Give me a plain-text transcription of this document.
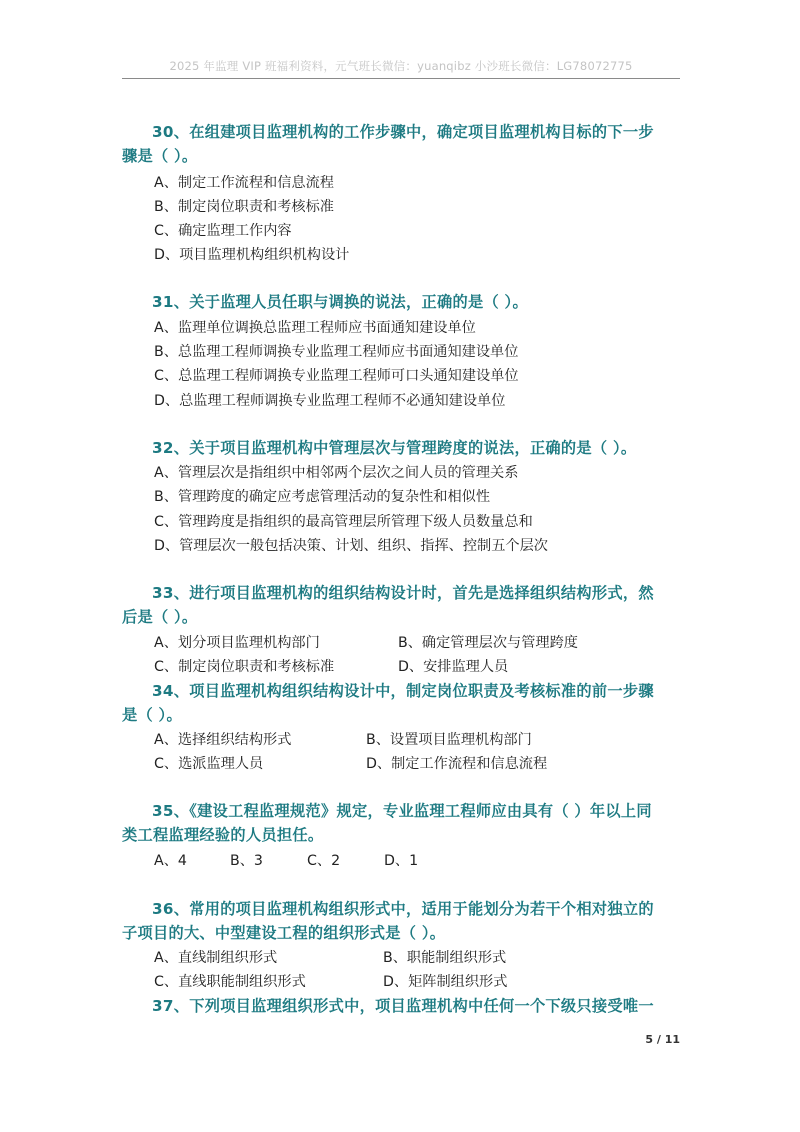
2025 年监理 VIP 班福利资料，元气班长微信：yuanqibz 小沙班长微信：LG78072775
30、在组建项目监理机构的工作步骤中，确定项目监理机构目标的下一步
骤是（ ）。
A、制定工作流程和信息流程
B、制定岗位职责和考核标准
C、确定监理工作内容
D、项目监理机构组织机构设计
31、关于监理人员任职与调换的说法，正确的是（ ）。
A、监理单位调换总监理工程师应书面通知建设单位
B、总监理工程师调换专业监理工程师应书面通知建设单位
C、总监理工程师调换专业监理工程师可口头通知建设单位
D、总监理工程师调换专业监理工程师不必通知建设单位
32、关于项目监理机构中管理层次与管理跨度的说法，正确的是（ ）。
A、管理层次是指组织中相邻两个层次之间人员的管理关系
B、管理跨度的确定应考虑管理活动的复杂性和相似性
C、管理跨度是指组织的最高管理层所管理下级人员数量总和
D、管理层次一般包括决策、计划、组织、指挥、控制五个层次
33、进行项目监理机构的组织结构设计时，首先是选择组织结构形式，然
后是（ ）。
A、划分项目监理机构部门	B、确定管理层次与管理跨度
C、制定岗位职责和考核标准	D、安排监理人员
34、项目监理机构组织结构设计中，制定岗位职责及考核标准的前一步骤
是（ ）。
A、选择组织结构形式	B、设置项目监理机构部门
C、选派监理人员	D、制定工作流程和信息流程
35、《建设工程监理规范》规定，专业监理工程师应由具有（ ）年以上同
类工程监理经验的人员担任。
A、4	B、3	C、2	D、1
36、常用的项目监理机构组织形式中，适用于能划分为若干个相对独立的
子项目的大、中型建设工程的组织形式是（ ）。
A、直线制组织形式	B、职能制组织形式
C、直线职能制组织形式	D、矩阵制组织形式
37、下列项目监理组织形式中，项目监理机构中任何一个下级只接受唯一
5 / 11
